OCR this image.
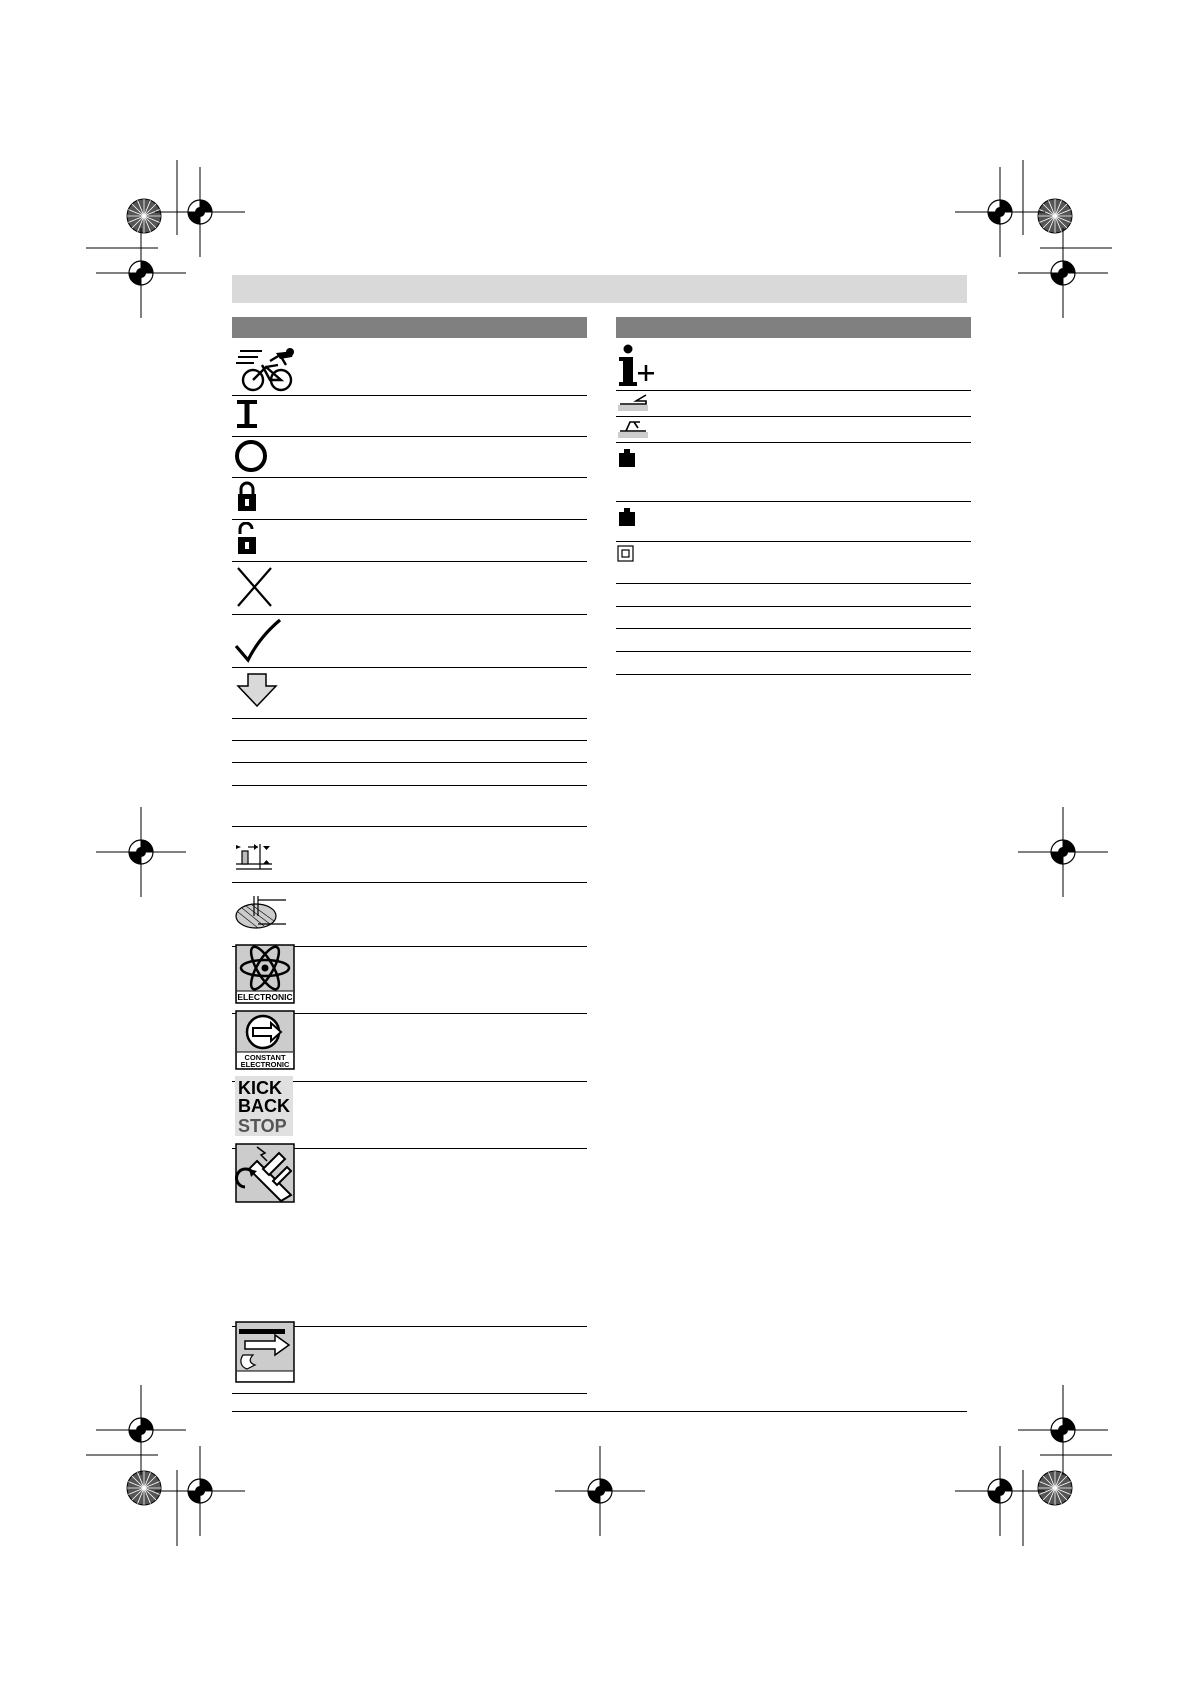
ELECTRONIC
CONSTANT
ELECTRONIC
KICK
BACK
STOP
